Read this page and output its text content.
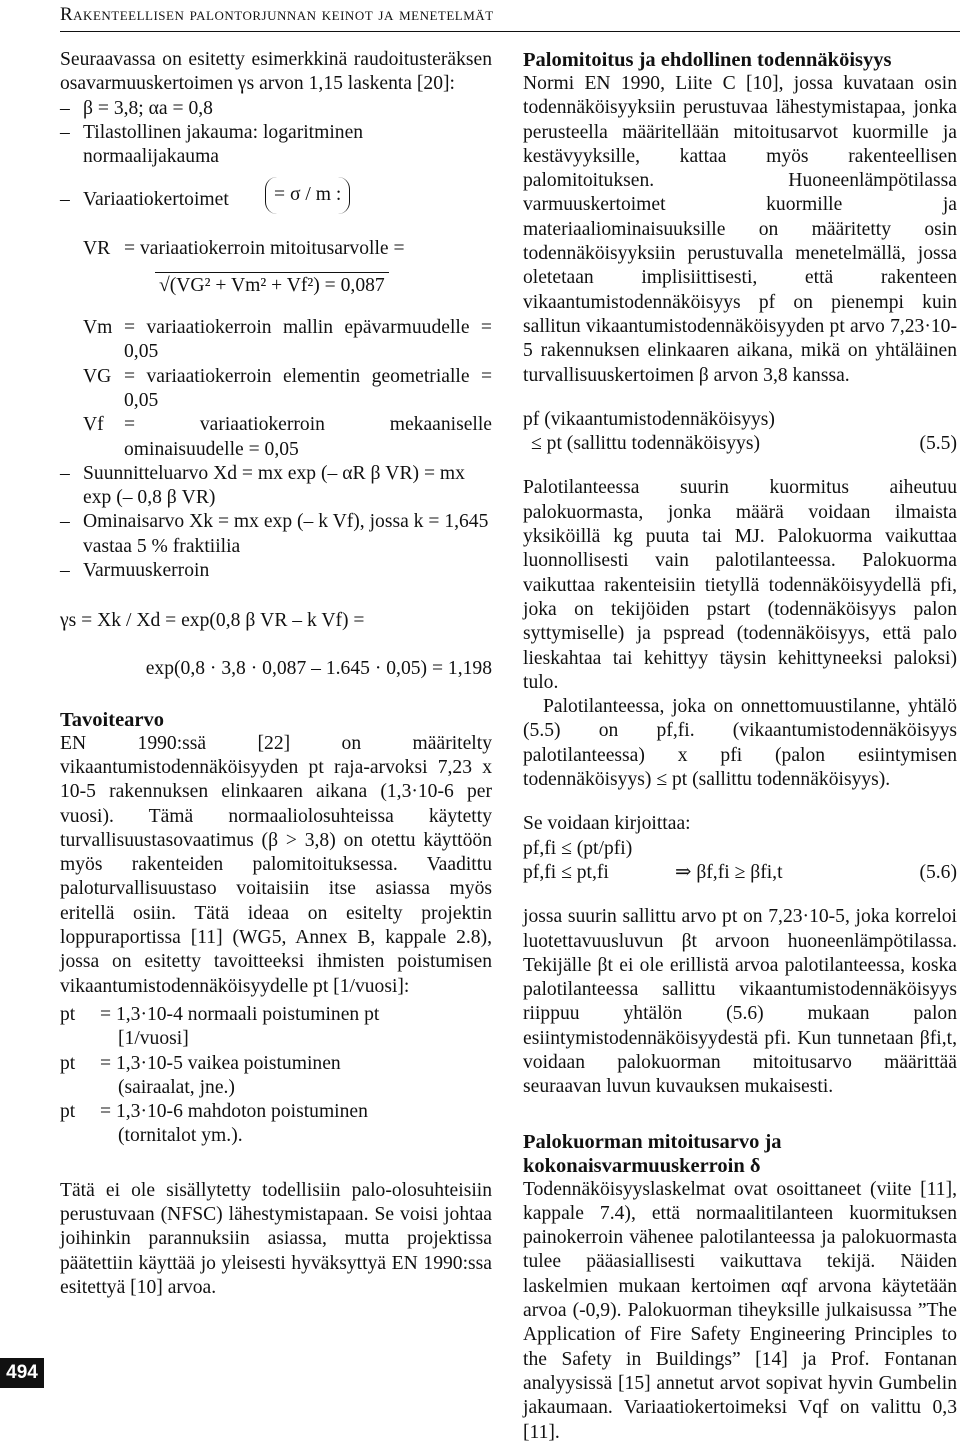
Rakenteellisen palontorjunnan keinot ja menetelmät
494

Seuraavassa on esitetty esimerkkinä raudoitusteräksen osavarmuuskertoimen γs arvon 1,15 laskenta [20]:

– β = 3,8; αa = 0,8
– Tilastollinen jakauma: logaritminen normaalijakauma
– Variaatiokertoimet	= σ / m :
VR = variaatiokerroin mitoitusarvolle =
√(VG² + Vm² + Vf²) = 0,087
Vm = variaatiokerroin mallin epävarmuudelle = 0,05
VG = variaatiokerroin elementin geometrialle = 0,05
Vf	= variaatiokerroin mekaaniselle ominaisuudelle = 0,05
– Suunnitteluarvo Xd = mx exp (– αR β VR) = mx exp (– 0,8 β VR)
– Ominaisarvo Xk = mx exp (– k Vf), jossa k = 1,645 vastaa 5 % fraktiilia
– Varmuuskerroin
γs = Xk / Xd = exp(0,8 β VR – k Vf) =
exp(0,8 · 3,8 · 0,087 – 1.645 · 0,05) = 1,198

Tavoitearvo

EN 1990:ssä [22] on määritelty vikaantumistodennäköisyyden pt raja-arvoksi 7,23 x 10-5 rakennuksen elinkaaren aikana (1,3·10-6 per vuosi). Tämä normaaliolosuhteissa käytetty turvallisuustasovaatimus (β > 3,8) on otettu käyttöön myös rakenteiden palomitoituksessa. Vaadittu paloturvallisuustaso voitaisiin itse asiassa myös eritellä osiin. Tätä ideaa on esitelty projektin loppuraportissa [11] (WG5, Annex B, kappale 2.8), jossa on esitetty tavoitteeksi ihmisten poistumisen vikaantumistodennäköisyydelle pt [1/vuosi]:

pt	= 1,3·10-4 normaali poistuminen pt
[1/vuosi]
pt	= 1,3·10-5 vaikea poistuminen
(sairaalat, jne.)
pt	= 1,3·10-6 mahdoton poistuminen
(tornitalot ym.).

Tätä ei ole sisällytetty todellisiin palo-olosuhteisiin perustuvaan (NFSC) lähestymistapaan. Se voisi johtaa joihinkin parannuksiin asiassa, mutta projektissa päätettiin käyttää jo yleisesti hyväksyttyä EN 1990:ssa esitettyä [10] arvoa.

Palomitoitus ja ehdollinen todennäköisyys

Normi EN 1990, Liite C [10], jossa kuvataan osin todennäköisyyksiin perustuvaa lähestymistapaa, jonka perusteella määritellään mitoitusarvot kuormille ja kestävyyksille, kattaa myös rakenteellisen palomitoituksen. Huoneenlämpötilassa varmuuskertoimet kuormille ja materiaaliominaisuuksille on määritetty osin todennäköisyyksiin perustuvalla menetelmällä, jossa oletetaan implisiittisesti, että rakenteen vikaantumistodennäköisyys pf on pienempi kuin sallitun vikaantumistodennäköisyyden pt arvo 7,23·10-5 rakennuksen elinkaaren aikana, mikä on yhtäläinen turvallisuuskertoimen β arvon 3,8 kanssa.

pf (vikaantumistodennäköisyys)
≤ pt (sallittu todennäköisyys)	(5.5)

Palotilanteessa suurin kuormitus aiheutuu palokuormasta, jonka määrä voidaan ilmaista yksiköillä kg puuta tai MJ. Palokuorma vaikuttaa luonnollisesti vain palotilanteessa. Palokuorma vaikuttaa rakenteisiin tietyllä todennäköisyydellä pfi, joka on tekijöiden pstart (todennäköisyys palon syttymiselle) ja pspread (todennäköisyys, että palo lieskahtaa tai kehittyy täysin kehittyneeksi paloksi) tulo.

Palotilanteessa, joka on onnettomuustilanne, yhtälö (5.5) on pf,fi. (vikaantumistodennäköisyys palotilanteessa) x pfi (palon esiintymisen todennäköisyys) ≤ pt (sallittu todennäköisyys).

Se voidaan kirjoittaa:

pf,fi ≤ (pt/pfi)
pf,fi ≤ pt,fi	⇒ βf,fi ≥ βfi,t	(5.6)

jossa suurin sallittu arvo pt on 7,23·10-5, joka korreloi luotettavuusluvun βt arvoon huoneenlämpötilassa. Tekijälle βt ei ole erillistä arvoa palotilanteessa, koska palotilanteessa sallittu vikaantumistodennäköisyys riippuu yhtälön (5.6) mukaan palon esiintymistodennäköisyydestä pfi. Kun tunnetaan βfi,t, voidaan palokuorman mitoitusarvo määrittää seuraavan luvun kuvauksen mukaisesti.

Palokuorman mitoitusarvo ja kokonaisvarmuuskerroin δ

Todennäköisyyslaskelmat ovat osoittaneet (viite [11], kappale 7.4), että normaalitilanteen kuormituksen painokerroin vähenee palotilanteessa ja palokuormasta tulee pääasiallisesti vaikuttava tekijä. Näiden laskelmien mukaan kertoimen αqf arvona käytetään arvoa (-0,9). Palokuorman tiheyksille julkaisussa ”The Application of Fire Safety Engineering Principles to the Safety in Buildings” [14] ja Prof. Fontanan analyysissä [15] annetut arvot sopivat hyvin Gumbelin jakaumaan. Variaatiokertoimeksi Vqf on valittu 0,3 [11].
